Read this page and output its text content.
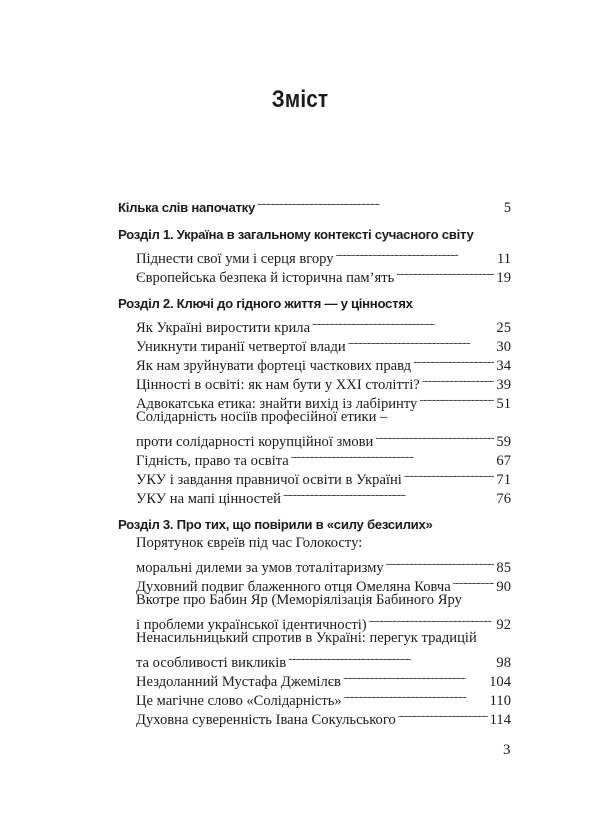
Зміст
Кілька слів напочатку . . .	5
Розділ 1. Україна в загальному контексті сучасного світу
Піднести свої уми і серця вгору . . .	11
Європейська безпека й історична пам’ять . . .	19
Розділ 2. Ключі до гідного життя — у цінностях
Як Україні виростити крила . . .	25
Уникнути тиранії четвертої влади . . .	30
Як нам зруйнувати фортеці часткових правд . . .	34
Цінності в освіті: як нам бути у ХХІ столітті? . . .	39
Адвокатська етика: знайти вихід із лабіринту . . .	51
Солідарність носіїв професійної етики –
проти солідарності корупційної змови . . .	59
Гідність, право та освіта . . .	67
УКУ і завдання правничої освіти в Україні . . .	71
УКУ на мапі цінностей . . .	76
Розділ 3. Про тих, що повірили в «силу безсилих»
Порятунок євреїв під час Голокосту:
моральні дилеми за умов тоталітаризму . . .	85
Духовний подвиг блаженного отця Омеляна Ковча . . .	90
Вкотре про Бабин Яр (Меморіялізація Бабиного Яру
і проблеми української ідентичності) . . .	92
Ненасильницький спротив в Україні: перегук традицій
та особливості викликів . . .	98
Нездоланний Мустафа Джемілєв . . .	104
Це магічне слово «Солідарність» . . .	110
Духовна суверенність Івана Сокульського . . .	114
3
